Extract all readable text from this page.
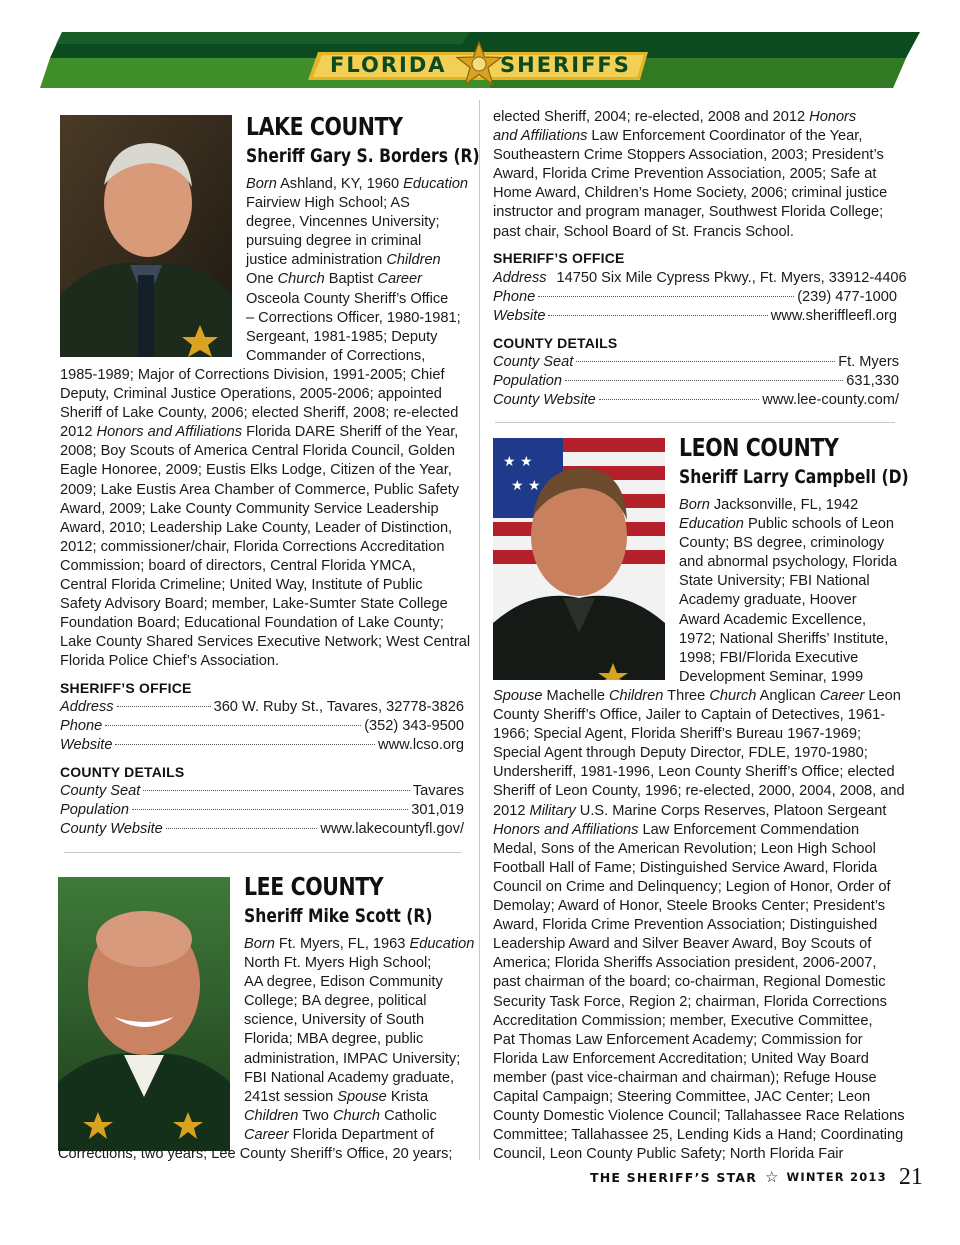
FLORIDA	SHERIFFS
LAKE COUNTY
Sheriff Gary S. Borders (R)
Born Ashland, KY, 1960 Education
Fairview High School; AS
degree, Vincennes University;
pursuing degree in criminal
justice administration Children
One Church Baptist Career
Osceola County Sheriff’s Office
– Corrections Officer, 1980-1981;
Sergeant, 1981-1985; Deputy
Commander of Corrections,
1985-1989; Major of Corrections Division, 1991-2005; Chief
Deputy, Criminal Justice Operations, 2005-2006; appointed
Sheriff of Lake County, 2006; elected Sheriff, 2008; re-elected
2012 Honors and Affiliations Florida DARE Sheriff of the Year,
2008; Boy Scouts of America Central Florida Council, Golden
Eagle Honoree, 2009; Eustis Elks Lodge, Citizen of the Year,
2009; Lake Eustis Area Chamber of Commerce, Public Safety
Award, 2009; Lake County Community Service Leadership
Award, 2010; Leadership Lake County, Leader of Distinction,
2012; commissioner/chair, Florida Corrections Accreditation
Commission; board of directors, Central Florida YMCA,
Central Florida Crimeline; United Way, Institute of Public
Safety Advisory Board; member, Lake-Sumter State College
Foundation Board; Educational Foundation of Lake County;
Lake County Shared Services Executive Network; West Central
Florida Police Chief’s Association.
SHERIFF’S OFFICE
Address	360 W. Ruby St., Tavares, 32778-3826
Phone	(352) 343-9500
Website	www.lcso.org
COUNTY DETAILS
County Seat	Tavares
Population	301,019
County Website	www.lakecountyfl.gov/
LEE COUNTY
Sheriff Mike Scott (R)
Born Ft. Myers, FL, 1963 Education
North Ft. Myers High School;
AA degree, Edison Community
College; BA degree, political
science, University of South
Florida; MBA degree, public
administration, IMPAC University;
FBI National Academy graduate,
241st session Spouse Krista
Children Two Church Catholic
Career Florida Department of
Corrections, two years; Lee County Sheriff’s Office, 20 years;
elected Sheriff, 2004; re-elected, 2008 and 2012 Honors
and Affiliations Law Enforcement Coordinator of the Year,
Southeastern Crime Stoppers Association, 2003; President’s
Award, Florida Crime Prevention Association, 2005; Safe at
Home Award, Children’s Home Society, 2006; criminal justice
instructor and program manager, Southwest Florida College;
past chair, School Board of St. Francis School.
SHERIFF’S OFFICE
Address 14750 Six Mile Cypress Pkwy., Ft. Myers, 33912-4406
Phone	(239) 477-1000
Website	www.sheriffleefl.org
COUNTY DETAILS
County Seat	Ft. Myers
Population	631,330
County Website	www.lee-county.com/
★ ★
★ ★
LEON COUNTY
Sheriff Larry Campbell (D)
Born Jacksonville, FL, 1942
Education Public schools of Leon
County; BS degree, criminology
and abnormal psychology, Florida
State University; FBI National
Academy graduate, Hoover
Award Academic Excellence,
1972; National Sheriffs’ Institute,
1998; FBI/Florida Executive
Development Seminar, 1999
Spouse Machelle Children Three Church Anglican Career Leon
County Sheriff’s Office, Jailer to Captain of Detectives, 1961-
1966; Special Agent, Florida Sheriff’s Bureau 1967-1969;
Special Agent through Deputy Director, FDLE, 1970-1980;
Undersheriff, 1981-1996, Leon County Sheriff’s Office; elected
Sheriff of Leon County, 1996; re-elected, 2000, 2004, 2008, and
2012 Military U.S. Marine Corps Reserves, Platoon Sergeant
Honors and Affiliations Law Enforcement Commendation
Medal, Sons of the American Revolution; Leon High School
Football Hall of Fame; Distinguished Service Award, Florida
Council on Crime and Delinquency; Legion of Honor, Order of
Demolay; Award of Honor, Steele Brooks Center; President’s
Award, Florida Crime Prevention Association; Distinguished
Leadership Award and Silver Beaver Award, Boy Scouts of
America; Florida Sheriffs Association president, 2006-2007,
past chairman of the board; co-chairman, Regional Domestic
Security Task Force, Region 2; chairman, Florida Corrections
Accreditation Commission; member, Executive Committee,
Pat Thomas Law Enforcement Academy; Commission for
Florida Law Enforcement Accreditation; United Way Board
member (past vice-chairman and chairman); Refuge House
Capital Campaign; Steering Committee, JAC Center; Leon
County Domestic Violence Council; Tallahassee Race Relations
Committee; Tallahassee 25, Lending Kids a Hand; Coordinating
Council, Leon County Public Safety; North Florida Fair
THE SHERIFF’S STAR ☆ WINTER 2013 21
